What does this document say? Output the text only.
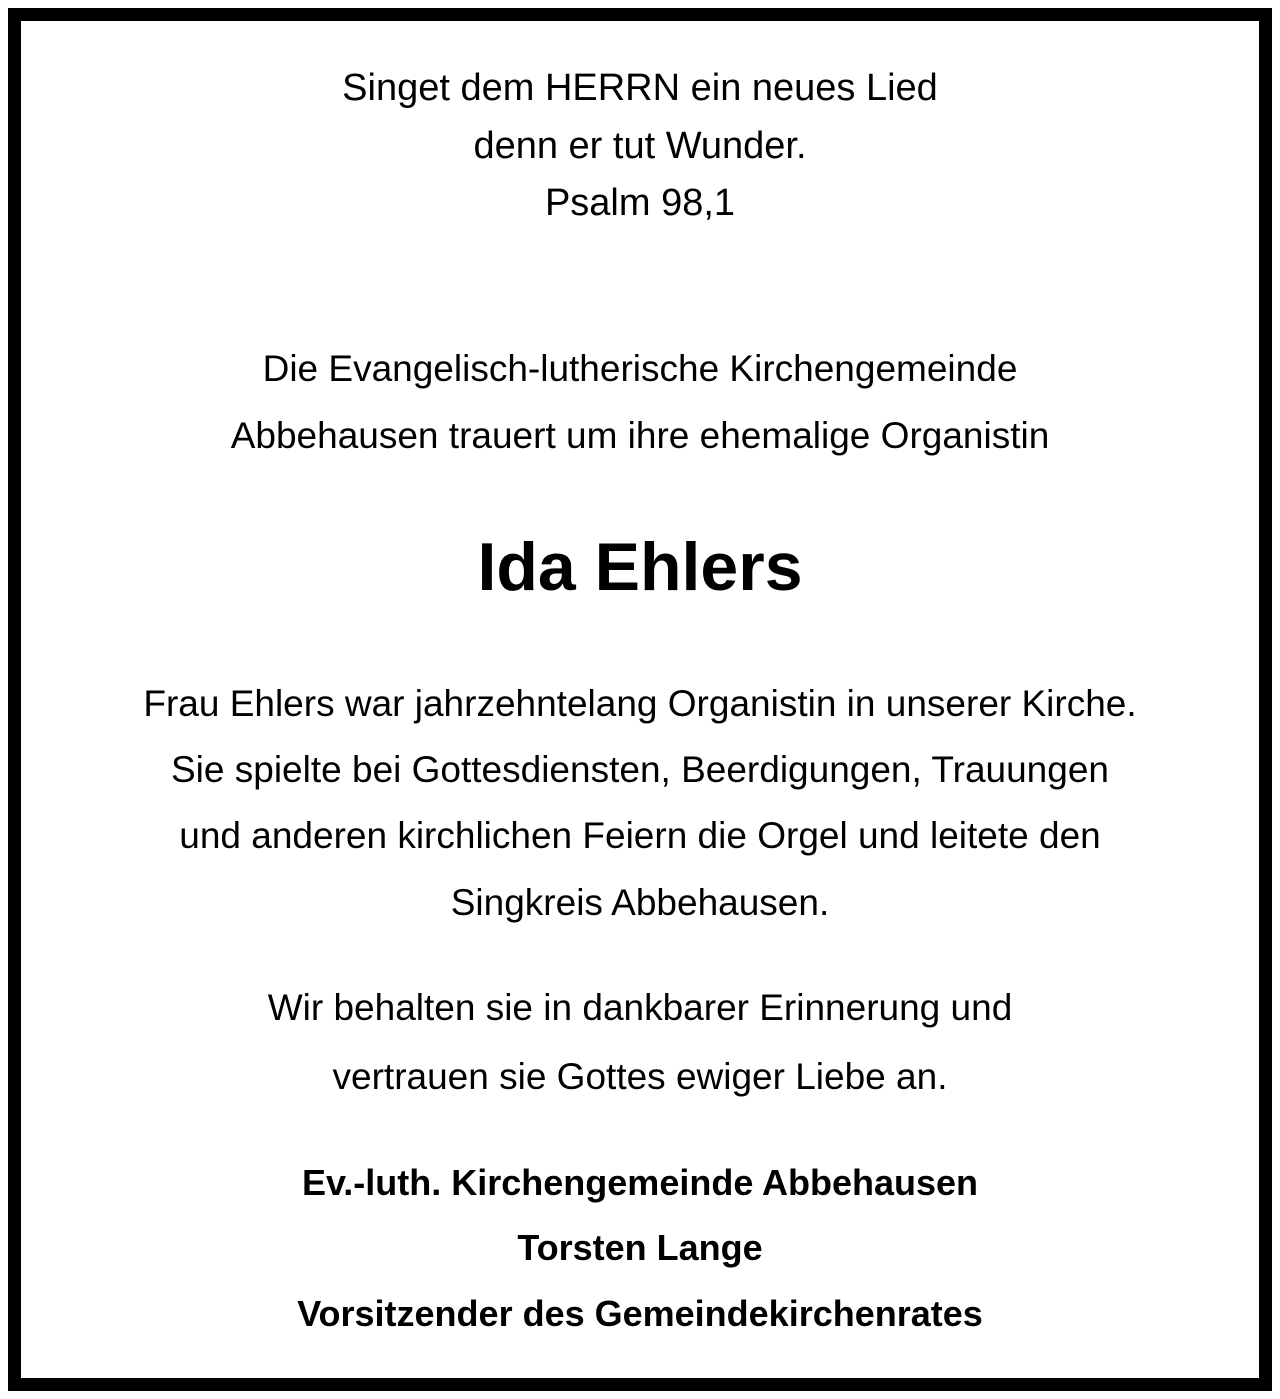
Singet dem HERRN ein neues Lied
denn er tut Wunder.
Psalm 98,1
Die Evangelisch-lutherische Kirchengemeinde
Abbehausen trauert um ihre ehemalige Organistin
Ida Ehlers
Frau Ehlers war jahrzehntelang Organistin in unserer Kirche.
Sie spielte bei Gottesdiensten, Beerdigungen, Trauungen
und anderen kirchlichen Feiern die Orgel und leitete den
Singkreis Abbehausen.
Wir behalten sie in dankbarer Erinnerung und
vertrauen sie Gottes ewiger Liebe an.
Ev.-luth. Kirchengemeinde Abbehausen
Torsten Lange
Vorsitzender des Gemeindekirchenrates
